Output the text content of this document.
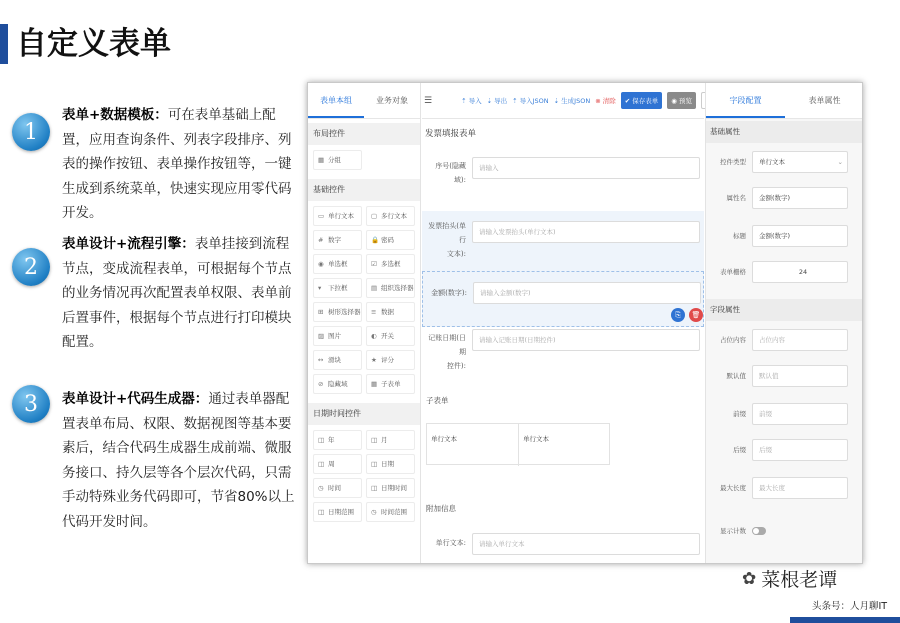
自定义表单
1
表单+数据模板：可在表单基础上配置，应用查询条件、列表字段排序、列表的操作按钮、表单操作按钮等，一键生成到系统菜单，快速实现应用零代码开发。
2
表单设计+流程引擎：表单挂接到流程节点，变成流程表单，可根据每个节点的业务情况再次配置表单权限、表单前后置事件，根据每个节点进行打印模块配置。
3	表单设计+代码生成器：通过表单器配置表单布局、权限、数据视图等基本要素后，结合代码生成器生成前端、微服务接口、持久层等各个层次代码，只需手动特殊业务代码即可，节省80%以上代码开发时间。
表单本组	业务对象
布局控件
▦ 分组
基础控件
▭ 单行文本	▢ 多行文本
# 数字	🔒 密码
◉ 单选框	☑ 多选框
▾ 下拉框	▤ 组织选择器
⊞ 树形选择器	≡ 数据
▨ 图片	◐ 开关
↔ 滑块	★ 评分
⊘ 隐藏域	▦ 子表单
日期时间控件
◫ 年	◫ 月
◫ 周	◫ 日期
◷ 时间	◫ 日期时间
◫ 日期范围	◷ 时间范围
☰	⇡ 导入 ⇣ 导出 ⇡ 导入JSON ⇣ 生成JSON ⊗ 清除	✔ 保存表单	◉ 预览
发票填报表单
序号(隐藏
域):
请输入
发票抬头(单行
文本):
请输入发票抬头(单行文本)
金额(数字):	请输入金额(数字)
⎘	🗑
记账日期(日期
控件):
请输入记账日期(日期控件)
子表单
单行文本	单行文本
附加信息
单行文本:	请输入单行文本
字段配置	表单属性
基础属性
控件类型	单行文本	⌄
属性名	金额(数字)
标题	金额(数字)
表单栅格	24
字段属性
占位内容	占位内容
默认值	默认值
前缀	前缀
后缀	后缀
最大长度	最大长度
显示计数
✿ 菜根老谭
头条号：人月聊IT
